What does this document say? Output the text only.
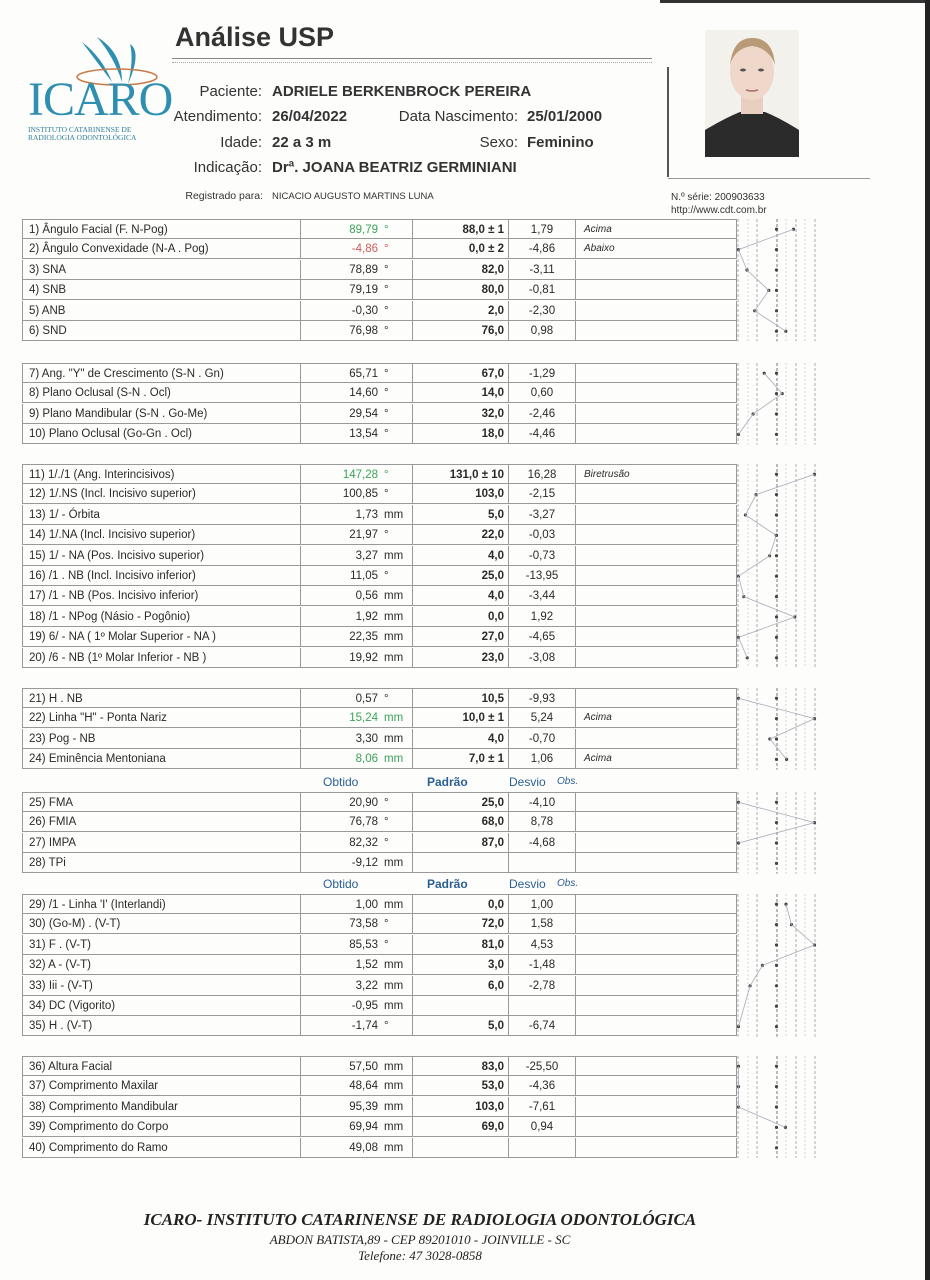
ICARO
INSTITUTO CATARINENSE DE
RADIOLOGIA ODONTOLÓGICA
Análise USP
Paciente: ADRIELE BERKENBROCK PEREIRA
Atendimento: 26/04/2022	Data Nascimento: 25/01/2000
Idade: 22 a 3 m	Sexo: Feminino
Indicação: Drª. JOANA BEATRIZ GERMINIANI
Registrado para: NICACIO AUGUSTO MARTINS LUNA	N.º série: 200903633
http://www.cdt.com.br
1) Ângulo Facial (F. N-Pog)	89,79 °	88,0 ± 1	1,79	Acima
2) Ângulo Convexidade (N-A . Pog)	-4,86 °	0,0 ± 2	-4,86	Abaixo
3) SNA	78,89 °	82,0	-3,11
4) SNB	79,19 °	80,0	-0,81
5) ANB	-0,30 °	2,0	-2,30
6) SND	76,98 °	76,0	0,98
7) Ang. "Y" de Crescimento (S-N . Gn)	65,71 °	67,0	-1,29
8) Plano Oclusal (S-N . Ocl)	14,60 °	14,0	0,60
9) Plano Mandibular (S-N . Go-Me)	29,54 °	32,0	-2,46
10) Plano Oclusal (Go-Gn . Ocl)	13,54 °	18,0	-4,46
11) 1/./1 (Ang. Interincisivos)	147,28 °	131,0 ± 10	16,28	Biretrusão
12) 1/.NS (Incl. Incisivo superior)	100,85 °	103,0	-2,15
13) 1/ - Órbita	1,73 mm	5,0	-3,27
14) 1/.NA (Incl. Incisivo superior)	21,97 °	22,0	-0,03
15) 1/ - NA (Pos. Incisivo superior)	3,27 mm	4,0	-0,73
16) /1 . NB (Incl. Incisivo inferior)	11,05 °	25,0	-13,95
17) /1 - NB (Pos. Incisivo inferior)	0,56 mm	4,0	-3,44
18) /1 - NPog (Násio - Pogônio)	1,92 mm	0,0	1,92
19) 6/ - NA ( 1º Molar Superior - NA )	22,35 mm	27,0	-4,65
20) /6 - NB (1º Molar Inferior - NB )	19,92 mm	23,0	-3,08
21) H . NB	0,57 °	10,5	-9,93
22) Linha "H" - Ponta Nariz	15,24 mm	10,0 ± 1	5,24	Acima
23) Pog - NB	3,30 mm	4,0	-0,70
24) Eminência Mentoniana	8,06 mm	7,0 ± 1	1,06	Acima
Obtido	Padrão	Desvio Obs.
25) FMA	20,90 °	25,0	-4,10
26) FMIA	76,78 °	68,0	8,78
27) IMPA	82,32 °	87,0	-4,68
28) TPi	-9,12 mm
Obtido	Padrão	Desvio Obs.
29) /1 - Linha 'I' (Interlandi)	1,00 mm	0,0	1,00
30) (Go-M) . (V-T)	73,58 °	72,0	1,58
31) F . (V-T)	85,53 °	81,0	4,53
32) A - (V-T)	1,52 mm	3,0	-1,48
33) Iii - (V-T)	3,22 mm	6,0	-2,78
34) DC (Vigorito)	-0,95 mm
35) H . (V-T)	-1,74 °	5,0	-6,74
36) Altura Facial	57,50 mm	83,0	-25,50
37) Comprimento Maxilar	48,64 mm	53,0	-4,36
38) Comprimento Mandibular	95,39 mm	103,0	-7,61
39) Comprimento do Corpo	69,94 mm	69,0	0,94
40) Comprimento do Ramo	49,08 mm
ICARO- INSTITUTO CATARINENSE DE RADIOLOGIA ODONTOLÓGICA
ABDON BATISTA,89 - CEP 89201010 - JOINVILLE - SC
Telefone: 47 3028-0858
